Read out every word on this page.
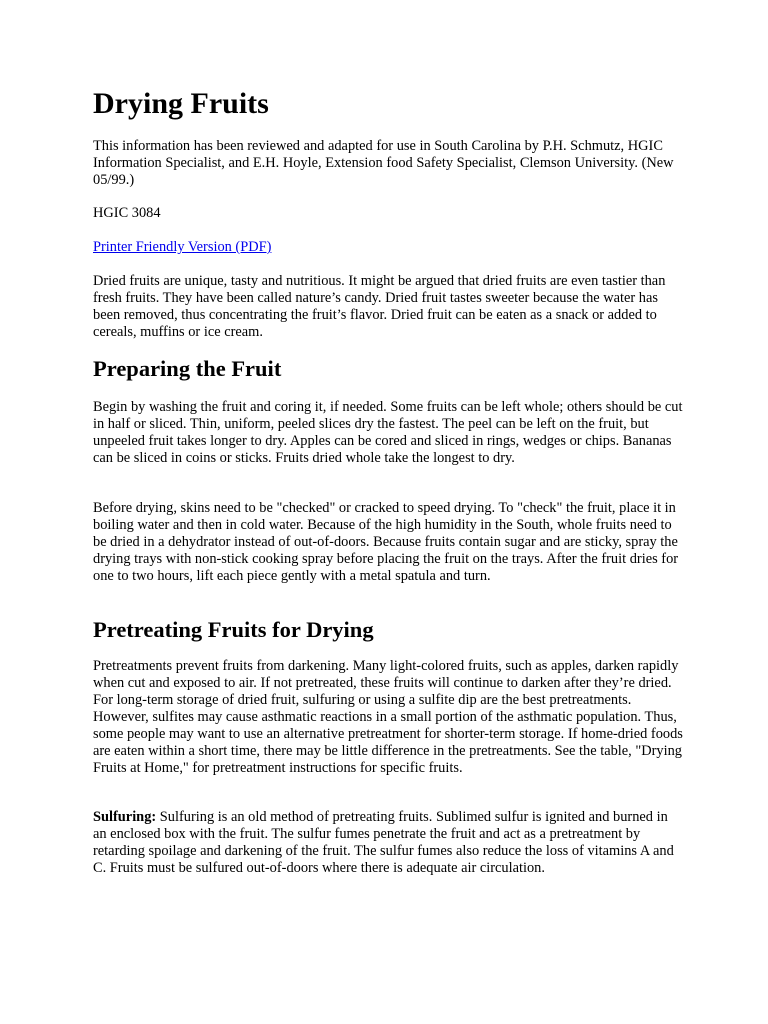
Drying Fruits

This information has been reviewed and adapted for use in South Carolina by P.H. Schmutz, HGIC Information Specialist, and E.H. Hoyle, Extension food Safety Specialist, Clemson University. (New 05/99.)

HGIC 3084

Printer Friendly Version (PDF)

Dried fruits are unique, tasty and nutritious. It might be argued that dried fruits are even tastier than fresh fruits. They have been called nature’s candy. Dried fruit tastes sweeter because the water has been removed, thus concentrating the fruit’s flavor. Dried fruit can be eaten as a snack or added to cereals, muffins or ice cream.

Preparing the Fruit

Begin by washing the fruit and coring it, if needed. Some fruits can be left whole; others should be cut in half or sliced. Thin, uniform, peeled slices dry the fastest. The peel can be left on the fruit, but unpeeled fruit takes longer to dry. Apples can be cored and sliced in rings, wedges or chips. Bananas can be sliced in coins or sticks. Fruits dried whole take the longest to dry.

Before drying, skins need to be "checked" or cracked to speed drying. To "check" the fruit, place it in boiling water and then in cold water. Because of the high humidity in the South, whole fruits need to be dried in a dehydrator instead of out-of-doors. Because fruits contain sugar and are sticky, spray the drying trays with non-stick cooking spray before placing the fruit on the trays. After the fruit dries for one to two hours, lift each piece gently with a metal spatula and turn.

Pretreating Fruits for Drying

Pretreatments prevent fruits from darkening. Many light-colored fruits, such as apples, darken rapidly when cut and exposed to air. If not pretreated, these fruits will continue to darken after they’re dried. For long-term storage of dried fruit, sulfuring or using a sulfite dip are the best pretreatments. However, sulfites may cause asthmatic reactions in a small portion of the asthmatic population. Thus, some people may want to use an alternative pretreatment for shorter-term storage. If home-dried foods are eaten within a short time, there may be little difference in the pretreatments. See the table, "Drying Fruits at Home," for pretreatment instructions for specific fruits.

Sulfuring: Sulfuring is an old method of pretreating fruits. Sublimed sulfur is ignited and burned in an enclosed box with the fruit. The sulfur fumes penetrate the fruit and act as a pretreatment by retarding spoilage and darkening of the fruit. The sulfur fumes also reduce the loss of vitamins A and C. Fruits must be sulfured out-of-doors where there is adequate air circulation.
